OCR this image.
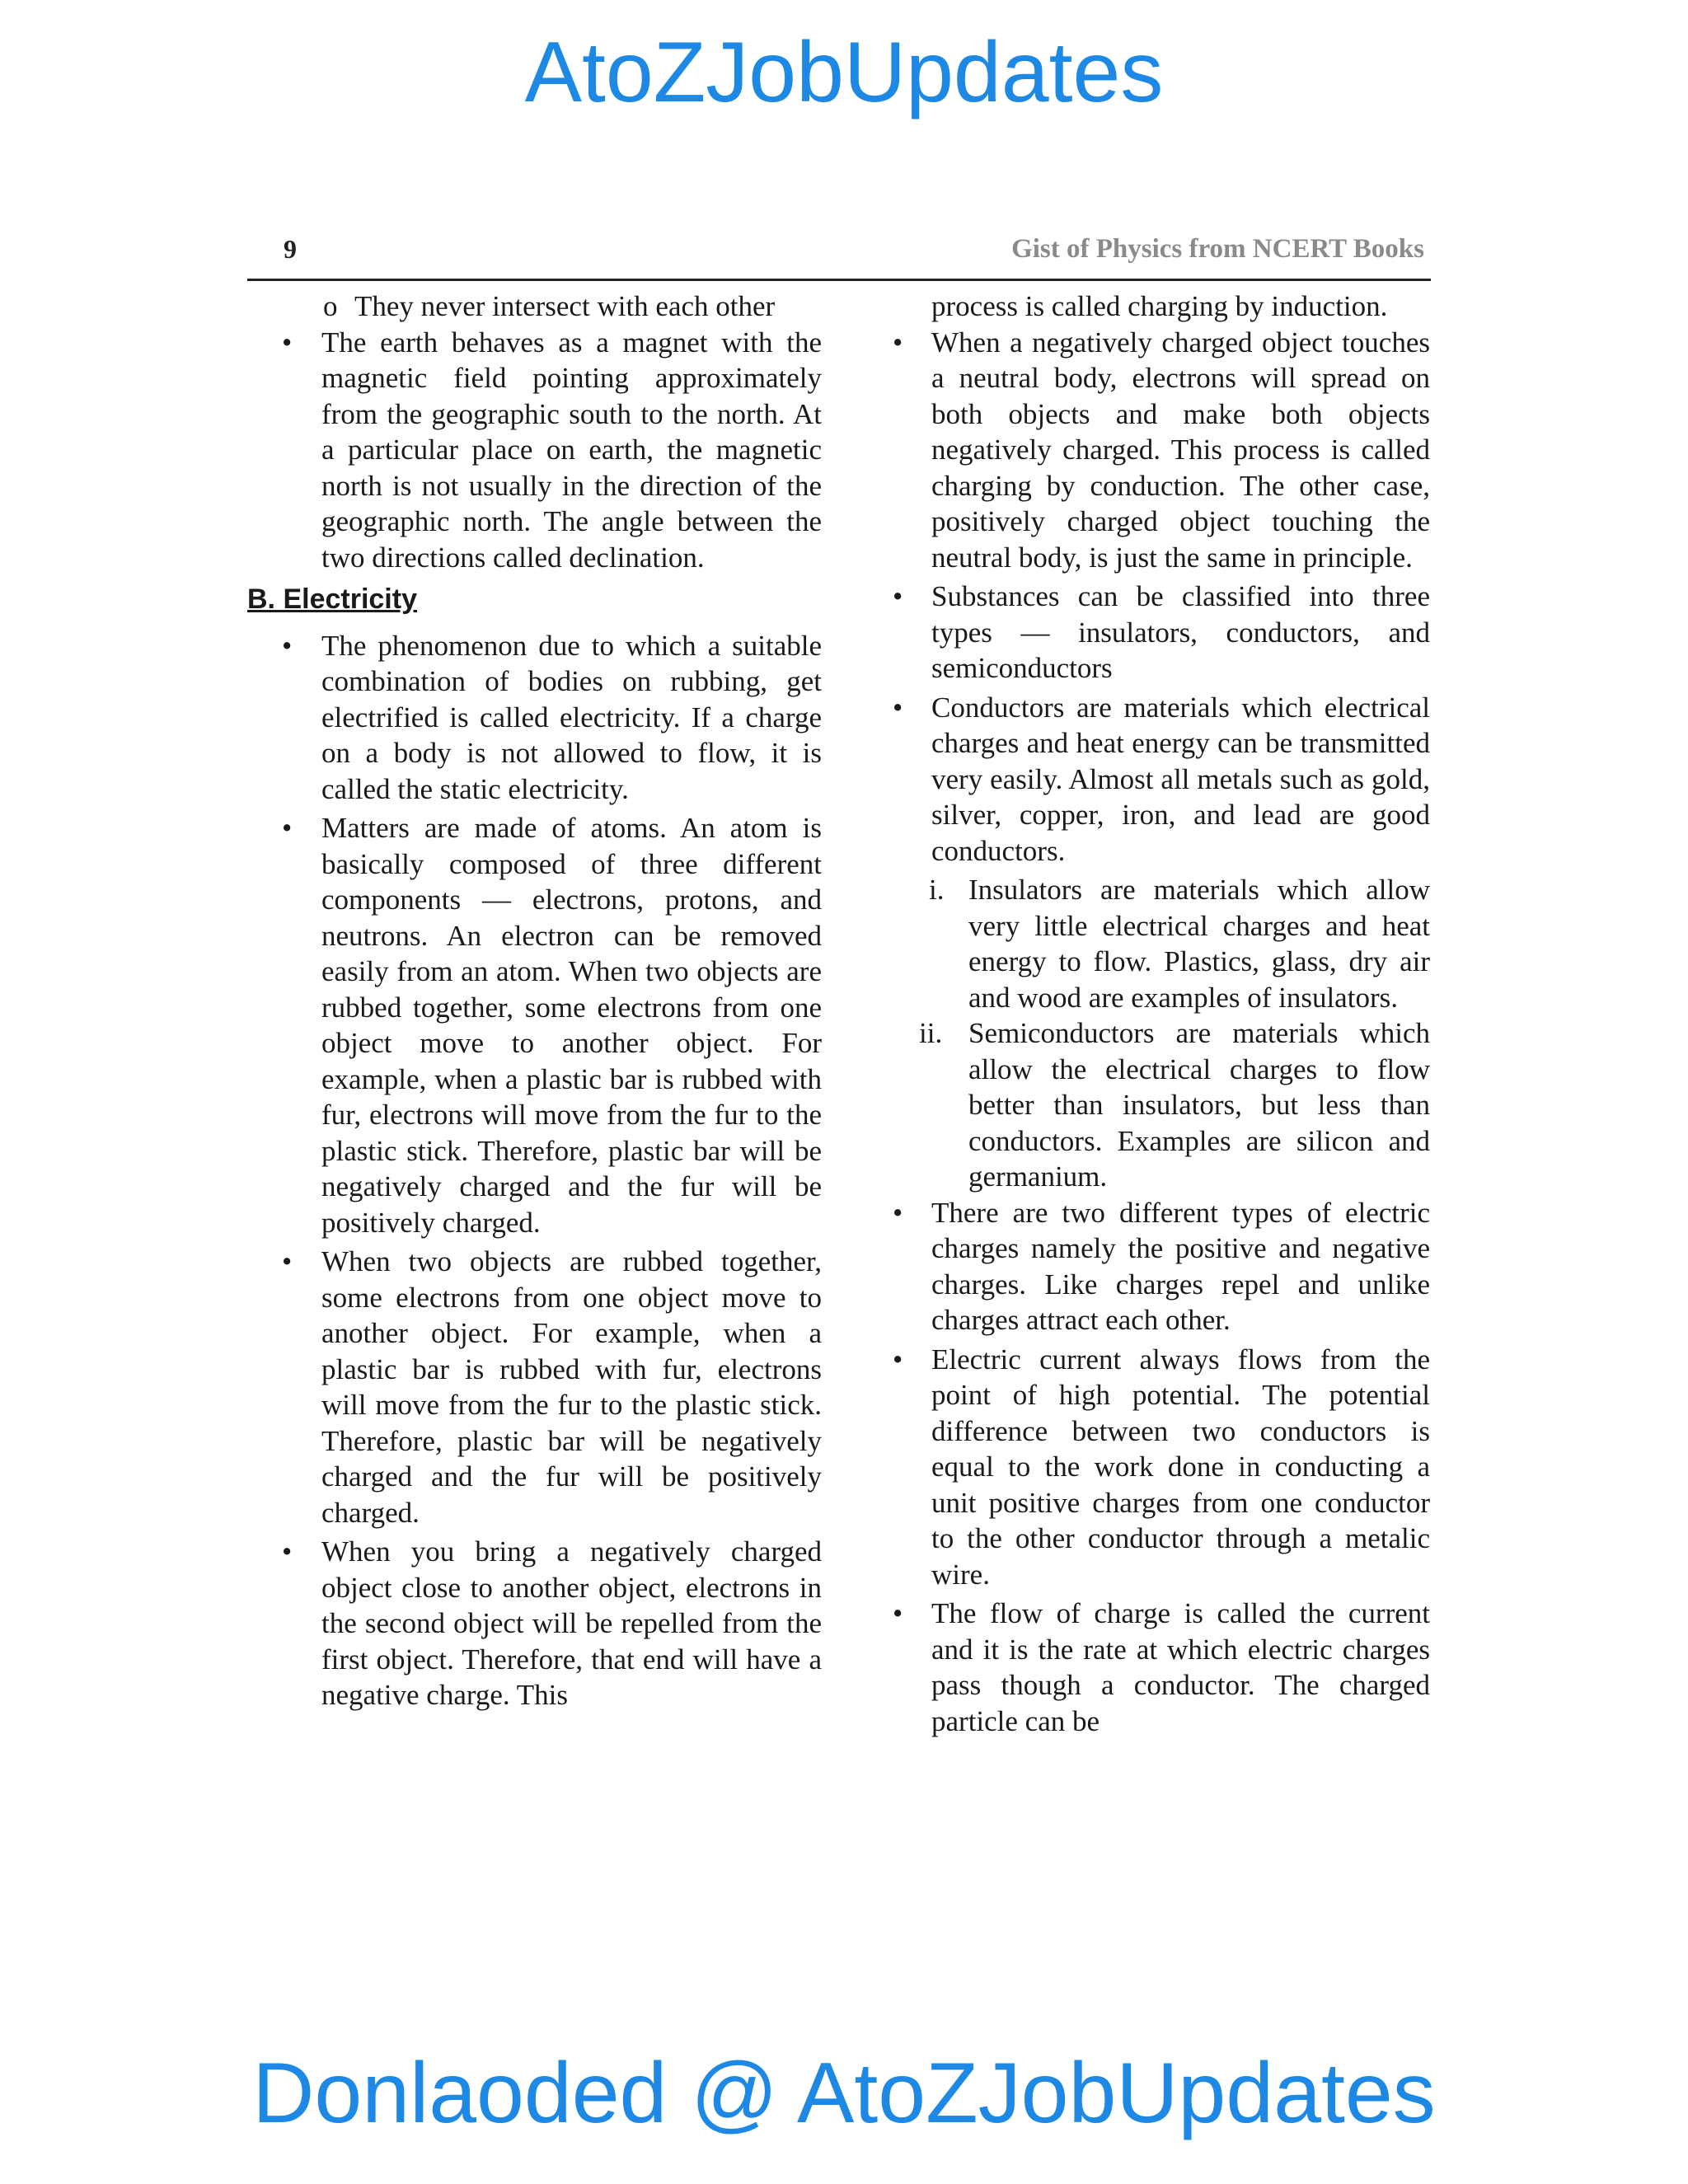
AtoZJobUpdates
9	Gist of Physics from NCERT Books

o They never intersect with each other

• The earth behaves as a magnet with the magnetic field pointing approximately from the geographic south to the north. At a particular place on earth, the magnetic north is not usually in the direction of the geographic north. The angle between the two directions called declination.

B. Electricity

• The phenomenon due to which a suitable combination of bodies on rubbing, get electrified is called electricity. If a charge on a body is not allowed to flow, it is called the static electricity.

• Matters are made of atoms. An atom is basically composed of three different components — electrons, protons, and neutrons. An electron can be removed easily from an atom. When two objects are rubbed together, some electrons from one object move to another object. For example, when a plastic bar is rubbed with fur, electrons will move from the fur to the plastic stick. Therefore, plastic bar will be negatively charged and the fur will be positively charged.

• When two objects are rubbed together, some electrons from one object move to another object. For example, when a plastic bar is rubbed with fur, electrons will move from the fur to the plastic stick. Therefore, plastic bar will be negatively charged and the fur will be positively charged.

• When you bring a negatively charged object close to another object, electrons in the second object will be repelled from the first object. Therefore, that end will have a negative charge. This

process is called charging by induction.

• When a negatively charged object touches a neutral body, electrons will spread on both objects and make both objects negatively charged. This process is called charging by conduction. The other case, positively charged object touching the neutral body, is just the same in principle.

• Substances can be classified into three types — insulators, conductors, and semiconductors

• Conductors are materials which electrical charges and heat energy can be transmitted very easily. Almost all metals such as gold, silver, copper, iron, and lead are good conductors.

i. Insulators are materials which allow very little electrical charges and heat energy to flow. Plastics, glass, dry air and wood are examples of insulators.

ii. Semiconductors are materials which allow the electrical charges to flow better than insulators, but less than conductors. Examples are silicon and germanium.

• There are two different types of electric charges namely the positive and negative charges. Like charges repel and unlike charges attract each other.

• Electric current always flows from the point of high potential. The potential difference between two conductors is equal to the work done in conducting a unit positive charges from one conductor to the other conductor through a metalic wire.

• The flow of charge is called the current and it is the rate at which electric charges pass though a conductor. The charged particle can be

Donlaoded @ AtoZJobUpdates
